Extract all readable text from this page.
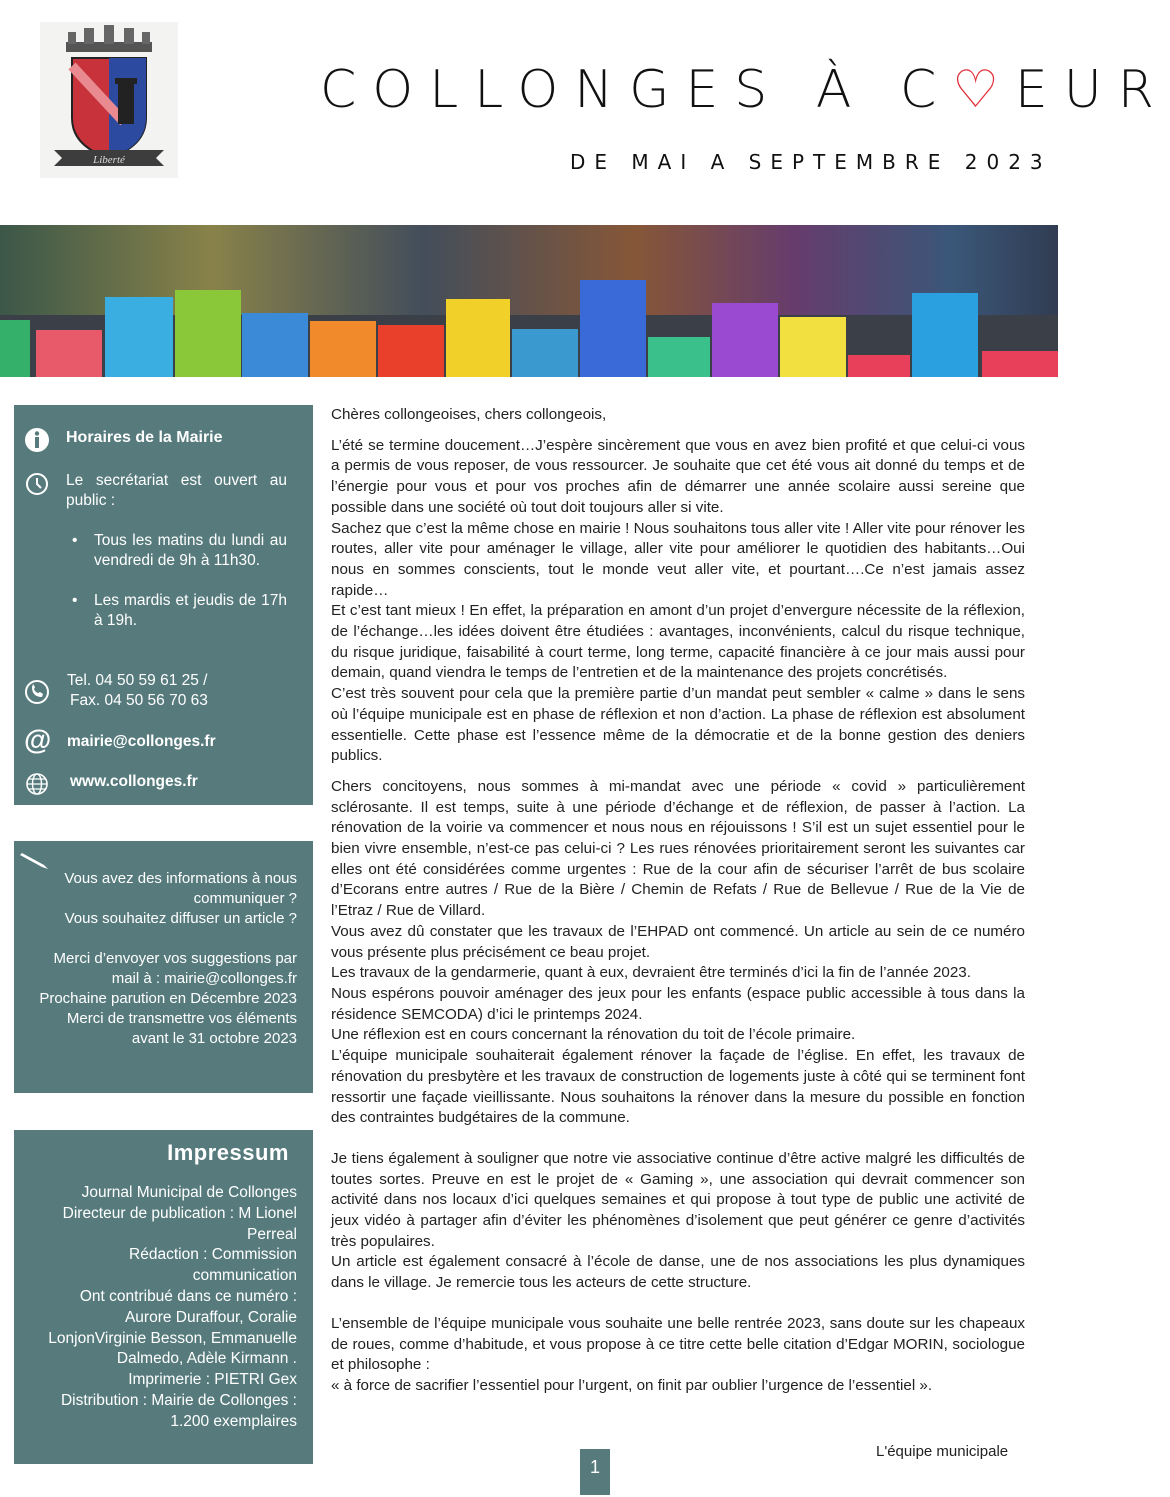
Liberté
COLLONGES À C♡EUR
DE MAI A SEPTEMBRE 2023
Horaires de la Mairie
Le secrétariat est ouvert au public :
• Tous les matins du lundi au vendredi de 9h à 11h30.
• Les mardis et jeudis de 17h à 19h.
Tel. 04 50 59 61 25 /
Fax. 04 50 56 70 63
@ mairie@collonges.fr
www.collonges.fr

Vous avez des informations à nous communiquer ?

Vous souhaitez diffuser un article ?

Merci d’envoyer vos suggestions par mail à : mairie@collonges.fr

Prochaine parution en Décembre 2023

Merci de transmettre vos éléments avant le 31 octobre 2023

Impressum
Journal Municipal de Collonges
Directeur de publication : M Lionel Perreal
Rédaction : Commission communication
Ont contribué dans ce numéro : Aurore Duraffour, Coralie LonjonVirginie Besson, Emmanuelle Dalmedo, Adèle Kirmann .
Imprimerie : PIETRI Gex
Distribution : Mairie de Collonges : 1.200 exemplaires

Chères collongeoises, chers collongeois,

L’été se termine doucement…J’espère sincèrement que vous en avez bien profité et que celui-ci vous a permis de vous reposer, de vous ressourcer. Je souhaite que cet été vous ait donné du temps et de l’énergie pour vous et pour vos proches afin de démarrer une année scolaire aussi sereine que possible dans une société où tout doit toujours aller si vite.

Sachez que c’est la même chose en mairie ! Nous souhaitons tous aller vite ! Aller vite pour rénover les routes, aller vite pour aménager le village, aller vite pour améliorer le quotidien des habitants…Oui nous en sommes conscients, tout le monde veut aller vite, et pourtant….Ce n’est jamais assez rapide…

Et c’est tant mieux ! En effet, la préparation en amont d’un projet d’envergure nécessite de la réflexion, de l’échange…les idées doivent être étudiées : avantages, inconvénients, calcul du risque technique, du risque juridique, faisabilité à court terme, long terme, capacité financière à ce jour mais aussi pour demain, quand viendra le temps de l’entretien et de la maintenance des projets concrétisés.

C’est très souvent pour cela que la première partie d’un mandat peut sembler « calme » dans le sens où l’équipe municipale est en phase de réflexion et non d’action. La phase de réflexion est absolument essentielle. Cette phase est l’essence même de la démocratie et de la bonne gestion des deniers publics.

Chers concitoyens, nous sommes à mi-mandat avec une période « covid » particulièrement sclérosante. Il est temps, suite à une période d’échange et de réflexion, de passer à l’action. La rénovation de la voirie va commencer et nous nous en réjouissons ! S’il est un sujet essentiel pour le bien vivre ensemble, n’est-ce pas celui-ci ? Les rues rénovées prioritairement seront les suivantes car elles ont été considérées comme urgentes : Rue de la cour afin de sécuriser l’arrêt de bus scolaire d’Ecorans entre autres / Rue de la Bière / Chemin de Refats / Rue de Bellevue / Rue de la Vie de l’Etraz / Rue de Villard.

Vous avez dû constater que les travaux de l’EHPAD ont commencé. Un article au sein de ce numéro vous présente plus précisément ce beau projet.

Les travaux de la gendarmerie, quant à eux, devraient être terminés d’ici la fin de l’année 2023.

Nous espérons pouvoir aménager des jeux pour les enfants (espace public accessible à tous dans la résidence SEMCODA) d’ici le printemps 2024.

Une réflexion est en cours concernant la rénovation du toit de l’école primaire.

L’équipe municipale souhaiterait également rénover la façade de l’église. En effet, les travaux de rénovation du presbytère et les travaux de construction de logements juste à côté qui se terminent font ressortir une façade vieillissante. Nous souhaitons la rénover dans la mesure du possible en fonction des contraintes budgétaires de la commune.

Je tiens également à souligner que notre vie associative continue d’être active malgré les difficultés de toutes sortes. Preuve en est le projet de « Gaming », une association qui devrait commencer son activité dans nos locaux d’ici quelques semaines et qui propose à tout type de public une activité de jeux vidéo à partager afin d’éviter les phénomènes d’isolement que peut générer ce genre d’activités très populaires.

Un article est également consacré à l’école de danse, une de nos associations les plus dynamiques dans le village. Je remercie tous les acteurs de cette structure.

L’ensemble de l’équipe municipale vous souhaite une belle rentrée 2023, sans doute sur les chapeaux de roues, comme d’habitude, et vous propose à ce titre cette belle citation d’Edgar MORIN, sociologue et philosophe :

« à force de sacrifier l’essentiel pour l’urgent, on finit par oublier l’urgence de l’essentiel ».

L'équipe municipale
1
